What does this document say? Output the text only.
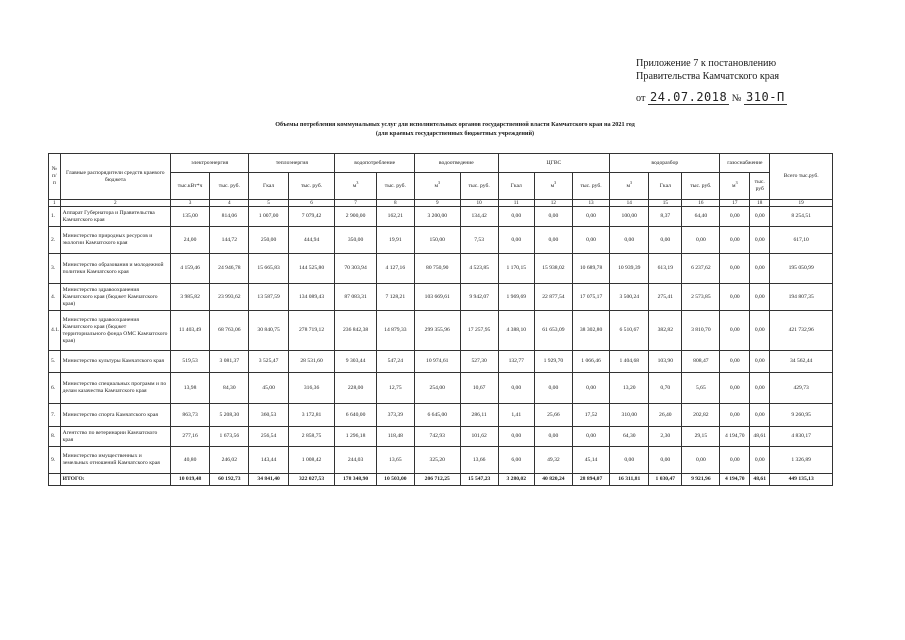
Приложение 7 к постановлению
Правительства Камчатского края
от 24.07.2018 № 310-П
Объемы потребления коммунальных услуг для исполнительных органов государственной власти Камчатского края на 2021 год
(для краевых государственных бюджетных учреждений)
№ п/п	Главные распорядители средств краевого бюджета	электроэнергия		теплоэнергия		водопотребление		водоотведение		ЦГВС			водоразбор			газоснабжение		Всего тыс.руб.
		тыс.кВт*ч	тыс. руб.	Гкал	тыс. руб.	$м^3$	тыс. руб.	$м^3$	тыс. руб.	Гкал	$м^3$	тыс. руб.	$м^3$	Гкал	тыс. руб.	$м^3$	тыс. руб	
1	2	3	4	5	6	7	8	9	10	11	12	13	14	15	16	17	18	19
1.	Аппарат Губернатора и Правительства Камчатского края	135,00	814,06	1 007,00	7 079,42	2 900,00	162,21	3 200,00	134,42	0,00	0,00	0,00	100,00	8,37	64,40	0,00	0,00	8 254,51
2.	Министерство природных ресурсов и экологии Камчатского края	24,00	144,72	250,00	444,94	350,00	19,91	150,00	7,53	0,00	0,00	0,00	0,00	0,00	0,00	0,00	0,00	617,10
3.	Министерство образования и молодежной политики Камчатского края	4 159,46	24 946,78	15 665,83	144 525,80	70 303,94	4 127,16	80 750,90	4 523,85	1 170,15	15 938,02	10 689,78	10 939,39	613,19	6 237,62	0,00	0,00	195 050,99
4.	Министерство здравоохранения Камчатского края (бюджет Камчатского края)	3 985,82	23 993,62	13 587,59	134 089,43	87 083,31	7 128,21	103 669,61	9 942,07	1 969,69	22 877,54	17 075,17	3 500,24	275,41	2 573,85	0,00	0,00	194 807,35
4.1.	Министерство здравоохранения Камчатского края (бюджет территориального фонда ОМС Камчатского края)	11 403,49	68 763,06	30 840,75	278 719,12	236 842,38	14 879,33	299 355,96	17 257,95	4 388,10	61 653,09	38 302,80	6 510,67	382,82	3 810,70	0,00	0,00	421 732,96
5.	Министерство культуры Камчатского края	519,53	3 081,37	3 525,47	28 531,60	9 303,44	547,24	10 974,61	527,30	132,77	1 929,70	1 066,46	1 404,68	103,90	808,47	0,00	0,00	34 562,44
6.	Министерство специальных программ и по делам казачества Камчатского края	13,98	84,30	45,00	316,36	228,00	12,75	254,00	10,67	0,00	0,00	0,00	13,20	0,70	5,65	0,00	0,00	429,73
7.	Министерство спорта Камчатского края	863,73	5 208,30	360,53	3 172,81	6 640,00	373,39	6 645,00	286,11	1,41	25,66	17,52	310,00	26,40	202,82	0,00	0,00	9 260,95
8.	Агентство по ветеринарии Камчатского края	277,16	1 673,56	256,54	2 858,75	1 296,18	118,48	742,93	101,62	0,00	0,00	0,00	64,30	2,30	29,15	4 194,70	48,61	4 830,17
9.	Министерство имущественных и земельных отношений Камчатского края	40,80	246,02	143,44	1 008,42	244,03	13,65	325,20	13,66	6,00	49,32	45,14	0,00	0,00	0,00	0,00	0,00	1 326,89
	ИТОГО:	10 019,48	60 192,73	34 841,40	322 027,53	178 348,90	10 503,00	206 712,25	15 547,23	3 280,02	40 820,24	28 894,07	16 311,81	1 030,47	9 921,96	4 194,70	48,61	449 135,13
